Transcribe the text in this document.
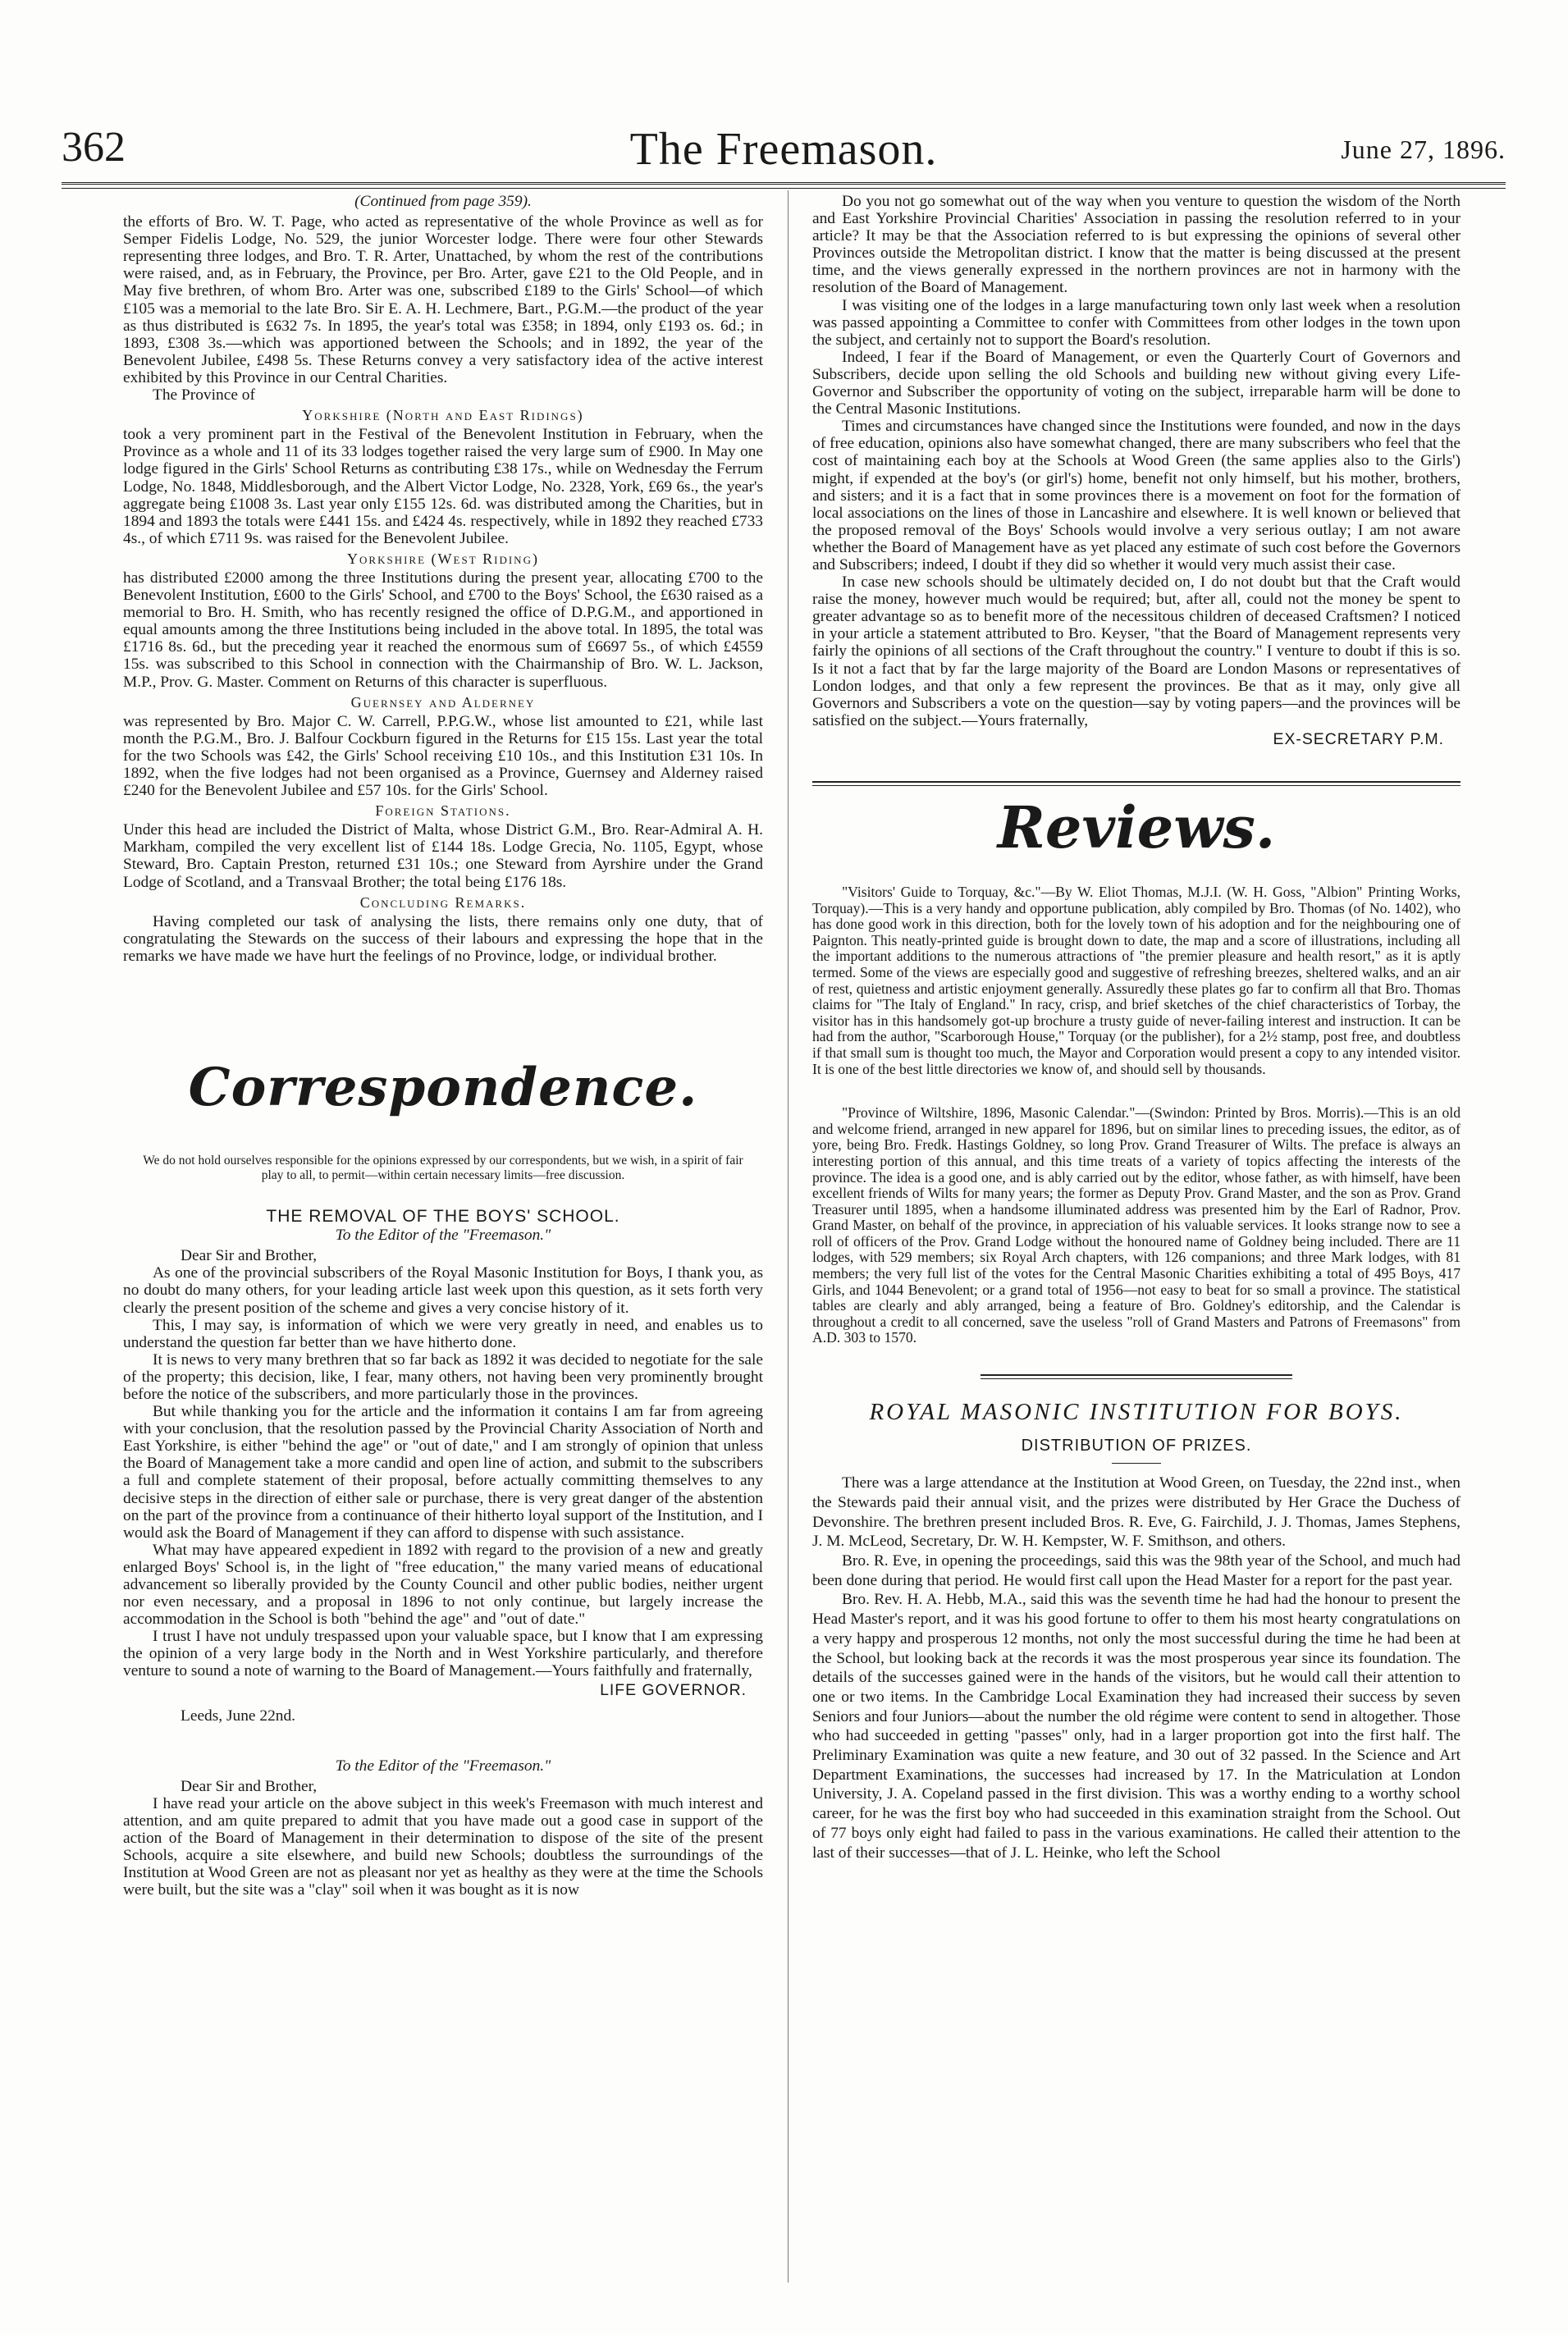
The Freemason.
362	June 27, 1896.

(Continued from page 359).

the efforts of Bro. W. T. Page, who acted as representative of the whole Province as well as for Semper Fidelis Lodge, No. 529, the junior Worcester lodge. There were four other Stewards representing three lodges, and Bro. T. R. Arter, Unattached, by whom the rest of the contributions were raised, and, as in February, the Province, per Bro. Arter, gave £21 to the Old People, and in May five brethren, of whom Bro. Arter was one, subscribed £189 to the Girls' School—of which £105 was a memorial to the late Bro. Sir E. A. H. Lechmere, Bart., P.G.M.—the product of the year as thus distributed is £632 7s. In 1895, the year's total was £358; in 1894, only £193 os. 6d.; in 1893, £308 3s.—which was apportioned between the Schools; and in 1892, the year of the Benevolent Jubilee, £498 5s. These Returns convey a very satisfactory idea of the active interest exhibited by this Province in our Central Charities.

The Province of

Yorkshire (North and East Ridings)

took a very prominent part in the Festival of the Benevolent Institution in February, when the Province as a whole and 11 of its 33 lodges together raised the very large sum of £900. In May one lodge figured in the Girls' School Returns as contributing £38 17s., while on Wednesday the Ferrum Lodge, No. 1848, Middlesborough, and the Albert Victor Lodge, No. 2328, York, £69 6s., the year's aggregate being £1008 3s. Last year only £155 12s. 6d. was distributed among the Charities, but in 1894 and 1893 the totals were £441 15s. and £424 4s. respectively, while in 1892 they reached £733 4s., of which £711 9s. was raised for the Benevolent Jubilee.

Yorkshire (West Riding)

has distributed £2000 among the three Institutions during the present year, allocating £700 to the Benevolent Institution, £600 to the Girls' School, and £700 to the Boys' School, the £630 raised as a memorial to Bro. H. Smith, who has recently resigned the office of D.P.G.M., and apportioned in equal amounts among the three Institutions being included in the above total. In 1895, the total was £1716 8s. 6d., but the preceding year it reached the enormous sum of £6697 5s., of which £4559 15s. was subscribed to this School in connection with the Chairmanship of Bro. W. L. Jackson, M.P., Prov. G. Master. Comment on Returns of this character is superfluous.

Guernsey and Alderney

was represented by Bro. Major C. W. Carrell, P.P.G.W., whose list amounted to £21, while last month the P.G.M., Bro. J. Balfour Cockburn figured in the Returns for £15 15s. Last year the total for the two Schools was £42, the Girls' School receiving £10 10s., and this Institution £31 10s. In 1892, when the five lodges had not been organised as a Province, Guernsey and Alderney raised £240 for the Benevolent Jubilee and £57 10s. for the Girls' School.

Foreign Stations.

Under this head are included the District of Malta, whose District G.M., Bro. Rear-Admiral A. H. Markham, compiled the very excellent list of £144 18s. Lodge Grecia, No. 1105, Egypt, whose Steward, Bro. Captain Preston, returned £31 10s.; one Steward from Ayrshire under the Grand Lodge of Scotland, and a Transvaal Brother; the total being £176 18s.

Concluding Remarks.

Having completed our task of analysing the lists, there remains only one duty, that of congratulating the Stewards on the success of their labours and expressing the hope that in the remarks we have made we have hurt the feelings of no Province, lodge, or individual brother.

Correspondence.

We do not hold ourselves responsible for the opinions expressed by our correspondents, but we wish, in a spirit of fair play to all, to permit—within certain necessary limits—free discussion.

THE REMOVAL OF THE BOYS' SCHOOL.

To the Editor of the "Freemason."

Dear Sir and Brother,

As one of the provincial subscribers of the Royal Masonic Institution for Boys, I thank you, as no doubt do many others, for your leading article last week upon this question, as it sets forth very clearly the present position of the scheme and gives a very concise history of it.

This, I may say, is information of which we were very greatly in need, and enables us to understand the question far better than we have hitherto done.

It is news to very many brethren that so far back as 1892 it was decided to negotiate for the sale of the property; this decision, like, I fear, many others, not having been very prominently brought before the notice of the subscribers, and more particularly those in the provinces.

But while thanking you for the article and the information it contains I am far from agreeing with your conclusion, that the resolution passed by the Provincial Charity Association of North and East Yorkshire, is either "behind the age" or "out of date," and I am strongly of opinion that unless the Board of Management take a more candid and open line of action, and submit to the subscribers a full and complete statement of their proposal, before actually committing themselves to any decisive steps in the direction of either sale or purchase, there is very great danger of the abstention on the part of the province from a continuance of their hitherto loyal support of the Institution, and I would ask the Board of Management if they can afford to dispense with such assistance.

What may have appeared expedient in 1892 with regard to the provision of a new and greatly enlarged Boys' School is, in the light of "free education," the many varied means of educational advancement so liberally provided by the County Council and other public bodies, neither urgent nor even necessary, and a proposal in 1896 to not only continue, but largely increase the accommodation in the School is both "behind the age" and "out of date."

I trust I have not unduly trespassed upon your valuable space, but I know that I am expressing the opinion of a very large body in the North and in West Yorkshire particularly, and therefore venture to sound a note of warning to the Board of Management.—Yours faithfully and fraternally,

LIFE GOVERNOR.

Leeds, June 22nd.

To the Editor of the "Freemason."

Dear Sir and Brother,

I have read your article on the above subject in this week's Freemason with much interest and attention, and am quite prepared to admit that you have made out a good case in support of the action of the Board of Management in their determination to dispose of the site of the present Schools, acquire a site elsewhere, and build new Schools; doubtless the surroundings of the Institution at Wood Green are not as pleasant nor yet as healthy as they were at the time the Schools were built, but the site was a "clay" soil when it was bought as it is now

Do you not go somewhat out of the way when you venture to question the wisdom of the North and East Yorkshire Provincial Charities' Association in passing the resolution referred to in your article? It may be that the Association referred to is but expressing the opinions of several other Provinces outside the Metropolitan district. I know that the matter is being discussed at the present time, and the views generally expressed in the northern provinces are not in harmony with the resolution of the Board of Management.

I was visiting one of the lodges in a large manufacturing town only last week when a resolution was passed appointing a Committee to confer with Committees from other lodges in the town upon the subject, and certainly not to support the Board's resolution.

Indeed, I fear if the Board of Management, or even the Quarterly Court of Governors and Subscribers, decide upon selling the old Schools and building new without giving every Life-Governor and Subscriber the opportunity of voting on the subject, irreparable harm will be done to the Central Masonic Institutions.

Times and circumstances have changed since the Institutions were founded, and now in the days of free education, opinions also have somewhat changed, there are many subscribers who feel that the cost of maintaining each boy at the Schools at Wood Green (the same applies also to the Girls') might, if expended at the boy's (or girl's) home, benefit not only himself, but his mother, brothers, and sisters; and it is a fact that in some provinces there is a movement on foot for the formation of local associations on the lines of those in Lancashire and elsewhere. It is well known or believed that the proposed removal of the Boys' Schools would involve a very serious outlay; I am not aware whether the Board of Management have as yet placed any estimate of such cost before the Governors and Subscribers; indeed, I doubt if they did so whether it would very much assist their case.

In case new schools should be ultimately decided on, I do not doubt but that the Craft would raise the money, however much would be required; but, after all, could not the money be spent to greater advantage so as to benefit more of the necessitous children of deceased Craftsmen? I noticed in your article a statement attributed to Bro. Keyser, "that the Board of Management represents very fairly the opinions of all sections of the Craft throughout the country." I venture to doubt if this is so. Is it not a fact that by far the large majority of the Board are London Masons or representatives of London lodges, and that only a few represent the provinces. Be that as it may, only give all Governors and Subscribers a vote on the question—say by voting papers—and the provinces will be satisfied on the subject.—Yours fraternally,

EX-SECRETARY P.M.

Reviews.

"Visitors' Guide to Torquay, &c."—By W. Eliot Thomas, M.J.I. (W. H. Goss, "Albion" Printing Works, Torquay).—This is a very handy and opportune publication, ably compiled by Bro. Thomas (of No. 1402), who has done good work in this direction, both for the lovely town of his adoption and for the neighbouring one of Paignton. This neatly-printed guide is brought down to date, the map and a score of illustrations, including all the important additions to the numerous attractions of "the premier pleasure and health resort," as it is aptly termed. Some of the views are especially good and suggestive of refreshing breezes, sheltered walks, and an air of rest, quietness and artistic enjoyment generally. Assuredly these plates go far to confirm all that Bro. Thomas claims for "The Italy of England." In racy, crisp, and brief sketches of the chief characteristics of Torbay, the visitor has in this handsomely got-up brochure a trusty guide of never-failing interest and instruction. It can be had from the author, "Scarborough House," Torquay (or the publisher), for a 2½ stamp, post free, and doubtless if that small sum is thought too much, the Mayor and Corporation would present a copy to any intended visitor. It is one of the best little directories we know of, and should sell by thousands.

"Province of Wiltshire, 1896, Masonic Calendar."—(Swindon: Printed by Bros. Morris).—This is an old and welcome friend, arranged in new apparel for 1896, but on similar lines to preceding issues, the editor, as of yore, being Bro. Fredk. Hastings Goldney, so long Prov. Grand Treasurer of Wilts. The preface is always an interesting portion of this annual, and this time treats of a variety of topics affecting the interests of the province. The idea is a good one, and is ably carried out by the editor, whose father, as with himself, have been excellent friends of Wilts for many years; the former as Deputy Prov. Grand Master, and the son as Prov. Grand Treasurer until 1895, when a handsome illuminated address was presented him by the Earl of Radnor, Prov. Grand Master, on behalf of the province, in appreciation of his valuable services. It looks strange now to see a roll of officers of the Prov. Grand Lodge without the honoured name of Goldney being included. There are 11 lodges, with 529 members; six Royal Arch chapters, with 126 companions; and three Mark lodges, with 81 members; the very full list of the votes for the Central Masonic Charities exhibiting a total of 495 Boys, 417 Girls, and 1044 Benevolent; or a grand total of 1956—not easy to beat for so small a province. The statistical tables are clearly and ably arranged, being a feature of Bro. Goldney's editorship, and the Calendar is throughout a credit to all concerned, save the useless "roll of Grand Masters and Patrons of Freemasons" from A.D. 303 to 1570.

ROYAL MASONIC INSTITUTION FOR BOYS.

DISTRIBUTION OF PRIZES.

There was a large attendance at the Institution at Wood Green, on Tuesday, the 22nd inst., when the Stewards paid their annual visit, and the prizes were distributed by Her Grace the Duchess of Devonshire. The brethren present included Bros. R. Eve, G. Fairchild, J. J. Thomas, James Stephens, J. M. McLeod, Secretary, Dr. W. H. Kempster, W. F. Smithson, and others.

Bro. R. Eve, in opening the proceedings, said this was the 98th year of the School, and much had been done during that period. He would first call upon the Head Master for a report for the past year.

Bro. Rev. H. A. Hebb, M.A., said this was the seventh time he had had the honour to present the Head Master's report, and it was his good fortune to offer to them his most hearty congratulations on a very happy and prosperous 12 months, not only the most successful during the time he had been at the School, but looking back at the records it was the most prosperous year since its foundation. The details of the successes gained were in the hands of the visitors, but he would call their attention to one or two items. In the Cambridge Local Examination they had increased their success by seven Seniors and four Juniors—about the number the old régime were content to send in altogether. Those who had succeeded in getting "passes" only, had in a larger proportion got into the first half. The Preliminary Examination was quite a new feature, and 30 out of 32 passed. In the Science and Art Department Examinations, the successes had increased by 17. In the Matriculation at London University, J. A. Copeland passed in the first division. This was a worthy ending to a worthy school career, for he was the first boy who had succeeded in this examination straight from the School. Out of 77 boys only eight had failed to pass in the various examinations. He called their attention to the last of their successes—that of J. L. Heinke, who left the School
